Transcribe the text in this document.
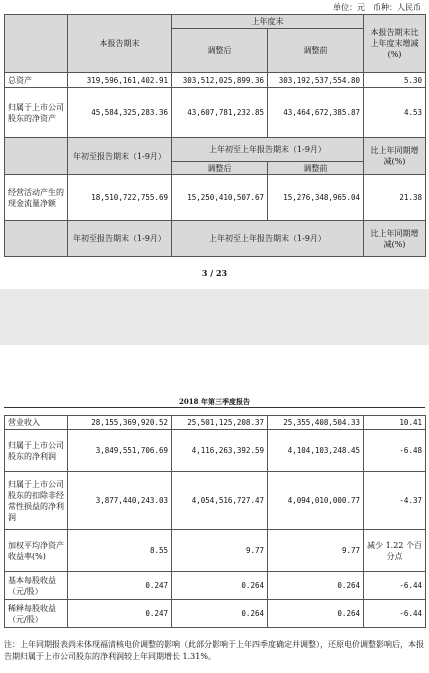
单位：元　币种：人民币
	本报告期末	上年度末		本报告期末比上年度末增减(%)
		调整后	调整前	
总资产	319,596,161,402.91	303,512,025,899.36	303,192,537,554.80	5.30
归属于上市公司股东的净资产	45,584,325,283.36	43,607,781,232.85	43,464,672,385.87	4.53
	年初至报告期末（1-9月）	上年初至上年报告期末（1-9月）		比上年同期增减(%)
		调整后	调整前	
经营活动产生的现金流量净额	18,510,722,755.69	15,250,410,507.67	15,276,348,965.04	21.38
	年初至报告期末（1-9月）	上年初至上年报告期末（1-9月）		比上年同期增减(%)
3 / 23
2018 年第三季度报告
营业收入	28,155,369,920.52	25,501,125,208.37	25,355,408,504.33	10.41
归属于上市公司股东的净利润	3,849,551,706.69	4,116,263,392.59	4,104,103,248.45	-6.48
归属于上市公司股东的扣除非经常性损益的净利润	3,877,440,243.03	4,054,516,727.47	4,094,010,000.77	-4.37
加权平均净资产收益率(%)	8.55	9.77	9.77	减少 1.22 个百分点
基本每股收益（元/股）	0.247	0.264	0.264	-6.44
稀释每股收益（元/股）	0.247	0.264	0.264	-6.44
注：上年同期报表尚未体现福清核电价调整的影响（此部分影响于上年四季度确定并调整），还原电价调整影响后，本报告期归属于上市公司股东的净利润较上年同期增长 1.31%。
